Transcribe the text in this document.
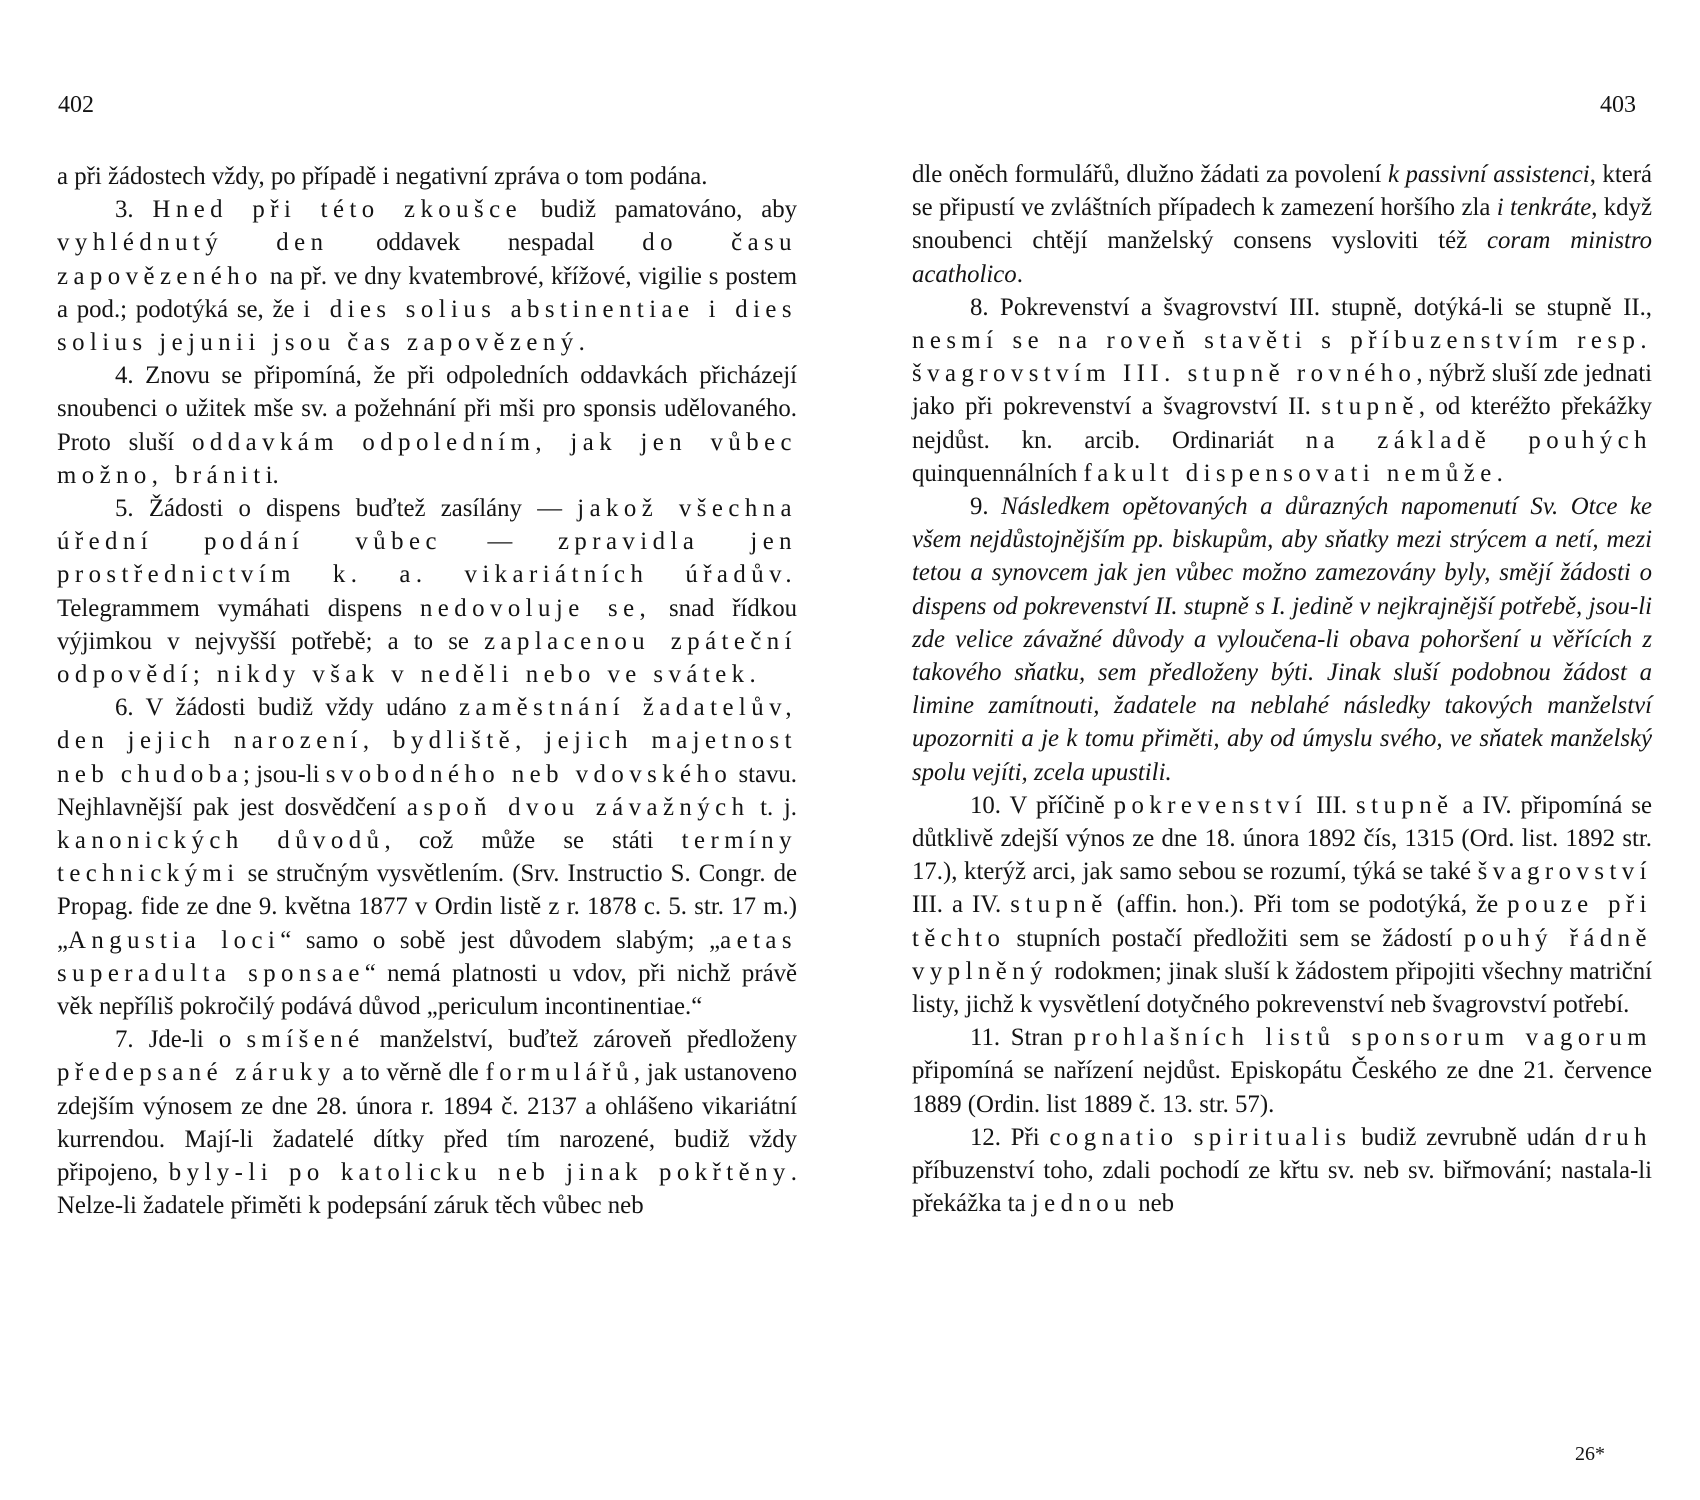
402	403

a při žádostech vždy, po případě i negativní zpráva o tom podána.

3. Hned při této zkoušce budiž pamatováno, aby vyhlédnutý den oddavek nespadal do času zapovězeného na př. ve dny kvatembrové, křížové, vigilie s postem a pod.; podotýká se, že i dies solius abstinentiae i dies solius jejunii jsou čas zapovězený.

4. Znovu se připomíná, že při odpoledních oddavkách přicházejí snoubenci o užitek mše sv. a požehnání při mši pro sponsis udělovaného. Proto sluší oddavkám odpoledním, jak jen vůbec možno, brániti.

5. Žádosti o dispens buďtež zasílány — jakož všechna úřední podání vůbec — zpravidla jen prostřednictvím k. a. vikariátních úřadův. Telegrammem vymáhati dispens nedovoluje se, snad řídkou výjimkou v nejvyšší potřebě; a to se zaplacenou zpáteční odpovědí; nikdy však v neděli nebo ve svátek.

6. V žádosti budiž vždy udáno zaměstnání žadatelův, den jejich narození, bydliště, jejich majetnost neb chudoba; jsou-li svobodného neb vdovského stavu. Nejhlavnější pak jest dosvědčení aspoň dvou závažných t. j. kanonických důvodů, což může se státi termíny technickými se stručným vysvětlením. (Srv. Instructio S. Congr. de Propag. fide ze dne 9. května 1877 v Ordin listě z r. 1878 c. 5. str. 17 m.) „Angustia loci“ samo o sobě jest důvodem slabým; „aetas superadulta sponsae“ nemá platnosti u vdov, při nichž právě věk nepříliš pokročilý podává důvod „periculum incontinentiae.“

7. Jde-li o smíšené manželství, buďtež zároveň předloženy předepsané záruky a to věrně dle formulářů, jak ustanoveno zdejším výnosem ze dne 28. února r. 1894 č. 2137 a ohlášeno vikariátní kurrendou. Mají-li žadatelé dítky před tím narozené, budiž vždy připojeno, byly-li po katolicku neb jinak pokřtěny. Nelze-li žadatele přiměti k podepsání záruk těch vůbec neb

dle oněch formulářů, dlužno žádati za povolení k passivní assistenci, která se připustí ve zvláštních případech k zamezení horšího zla i tenkráte, když snoubenci chtějí manželský consens vysloviti též coram ministro acatholico.

8. Pokrevenství a švagrovství III. stupně, dotýká-li se stupně II., nesmí se na roveň stavěti s příbuzenstvím resp. švagrovstvím III. stupně rovného, nýbrž sluší zde jednati jako při pokrevenství a švagrovství II. stupně, od kteréžto překážky nejdůst. kn. arcib. Ordinariát na základě pouhých quinquennálních fakult dispensovati nemůže.

9. Následkem opětovaných a důrazných napomenutí Sv. Otce ke všem nejdůstojnějším pp. biskupům, aby sňatky mezi strýcem a netí, mezi tetou a synovcem jak jen vůbec možno zamezovány byly, smějí žádosti o dispens od pokrevenství II. stupně s I. jedině v nejkrajnější potřebě, jsou-li zde velice závažné důvody a vyloučena-li obava pohoršení u věřících z takového sňatku, sem předloženy býti. Jinak sluší podobnou žádost a limine zamítnouti, žadatele na neblahé následky takových manželství upozorniti a je k tomu přiměti, aby od úmyslu svého, ve sňatek manželský spolu vejíti, zcela upustili.

10. V příčině pokrevenství III. stupně a IV. připomíná se důtklivě zdejší výnos ze dne 18. února 1892 čís, 1315 (Ord. list. 1892 str. 17.), kterýž arci, jak samo sebou se rozumí, týká se také švagrovství III. a IV. stupně (affin. hon.). Při tom se podotýká, že pouze při těchto stupních postačí předložiti sem se žádostí pouhý řádně vyplněný rodokmen; jinak sluší k žádostem připojiti všechny matriční listy, jichž k vysvětlení dotyčného pokrevenství neb švagrovství potřebí.

11. Stran prohlašních listů sponsorum vagorum připomíná se nařízení nejdůst. Episkopátu Českého ze dne 21. července 1889 (Ordin. list 1889 č. 13. str. 57).

12. Při cognatio spiritualis budiž zevrubně udán druh příbuzenství toho, zdali pochodí ze křtu sv. neb sv. biřmování; nastala-li překážka ta jednou neb

26*
